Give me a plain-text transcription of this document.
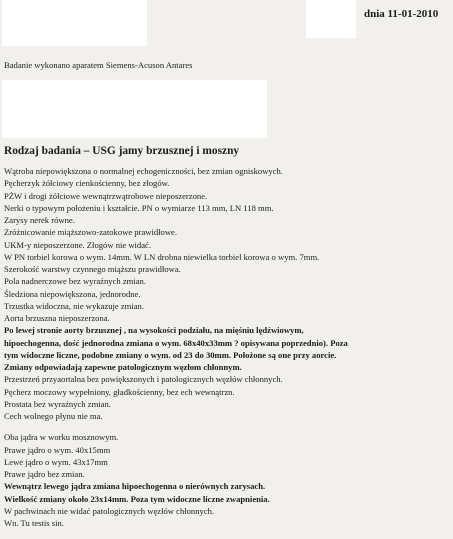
dnia 11-01-2010
Badanie wykonano aparatem Siemens-Acuson Antares
Rodzaj badania – USG jamy brzusznej i moszny
Wątroba niepowiększona o normalnej echogeniczności, bez zmian ogniskowych.
Pęcherzyk żółciowy cienkościenny, bez złogów.
PŻW i drogi żółciowe wewnątrzwątrobowe nieposzerzone.
Nerki o typowym położeniu i kształcie. PN o wymiarze 113 mm, LN 118 mm.
Zarysy nerek równe.
Zróżnicowanie miąższowo-zatokowe prawidłowe.
UKM-y nieposzerzone. Złogów nie widać.
W PN torbiel korowa o wym. 14mm. W LN drobna niewielka torbiel korowa o wym. 7mm.
Szerokość warstwy czynnego miąższu prawidłowa.
Pola nadnerczowe bez wyraźnych zmian.
Śledziona niepowiększona, jednorodne.
Trzustka widoczna, nie wykazuje zmian.
Aorta brzuszna nieposzerzona.
Po lewej stronie aorty brzusznej , na wysokości podziału, na mięśniu lędźwiowym,
hipoechogenna, dość jednorodna zmiana o wym. 68x40x33mm ? opisywana poprzednio). Poza
tym widoczne liczne, podobne zmiany o wym. od 23 do 30mm. Położone są one przy aorcie.
Zmiany odpowiadają zapewne patologicznym węzłom chłonnym.
Przestrzeń przyaortalna bez powiększonych i patologicznych węzłów chłonnych.
Pęcherz moczowy wypełniony, gładkościenny, bez ech wewnątrzn.
Prostata bez wyraźnych zmian.
Cech wolnego płynu nie ma.
Oba jądra w worku mosznowym.
Prawe jądro o wym. 40x15mm
Lewe jądro o wym. 43x17mm
Prawe jądro bez zmian.
Wewnątrz lewego jądra zmiana hipoechogenna o nierównych zarysach.
Wielkość zmiany około 23x14mm. Poza tym widoczne liczne zwapnienia.
W pachwinach nie widać patologicznych węzłów chłonnych.
Wn. Tu testis sin.
